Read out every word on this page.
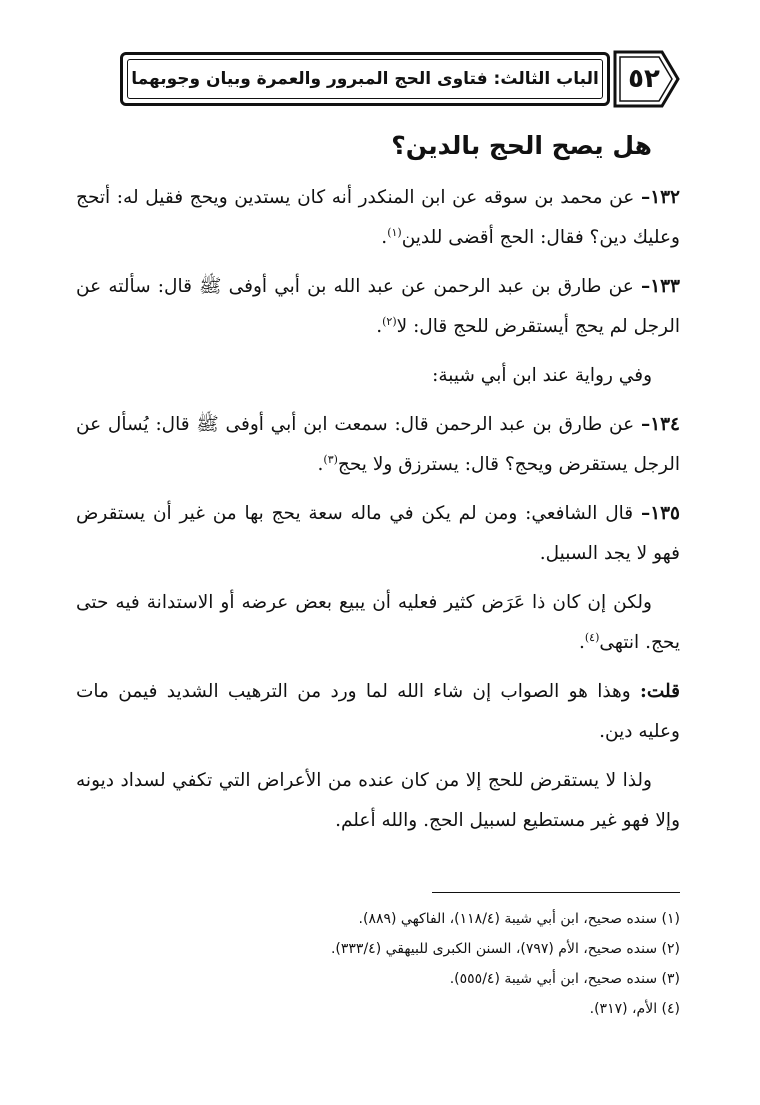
الباب الثالث: فتاوى الحج المبرور والعمرة وبيان وجوبهما	٥٢
هل يصح الحج بالدين؟

١٣٢– عن محمد بن سوقه عن ابن المنكدر أنه كان يستدين ويحج فقيل له: أتحج وعليك دين؟ فقال: الحج أقضى للدين$^{(١)}$.

١٣٣– عن طارق بن عبد الرحمن عن عبد الله بن أبي أوفى ﷺ قال: سألته عن الرجل لم يحج أيستقرض للحج قال: لا$^{(٢)}$.

وفي رواية عند ابن أبي شيبة:

١٣٤– عن طارق بن عبد الرحمن قال: سمعت ابن أبي أوفى ﷺ قال: يُسأل عن الرجل يستقرض ويحج؟ قال: يسترزق ولا يحج$^{(٣)}$.

١٣٥– قال الشافعي: ومن لم يكن في ماله سعة يحج بها من غير أن يستقرض فهو لا يجد السبيل.

ولكن إن كان ذا عَرَض كثير فعليه أن يبيع بعض عرضه أو الاستدانة فيه حتى يحج. انتهى$^{(٤)}$.

قلت: وهذا هو الصواب إن شاء الله لما ورد من الترهيب الشديد فيمن مات وعليه دين.

ولذا لا يستقرض للحج إلا من كان عنده من الأعراض التي تكفي لسداد ديونه وإلا فهو غير مستطيع لسبيل الحج. والله أعلم.

(١) سنده صحيح، ابن أبي شيبة (١١٨/٤)، الفاكهي (٨٨٩).
(٢) سنده صحيح، الأم (٧٩٧)، السنن الكبرى للبيهقي (٣٣٣/٤).
(٣) سنده صحيح، ابن أبي شيبة (٥٥٥/٤).
(٤) الأم، (٣١٧).
